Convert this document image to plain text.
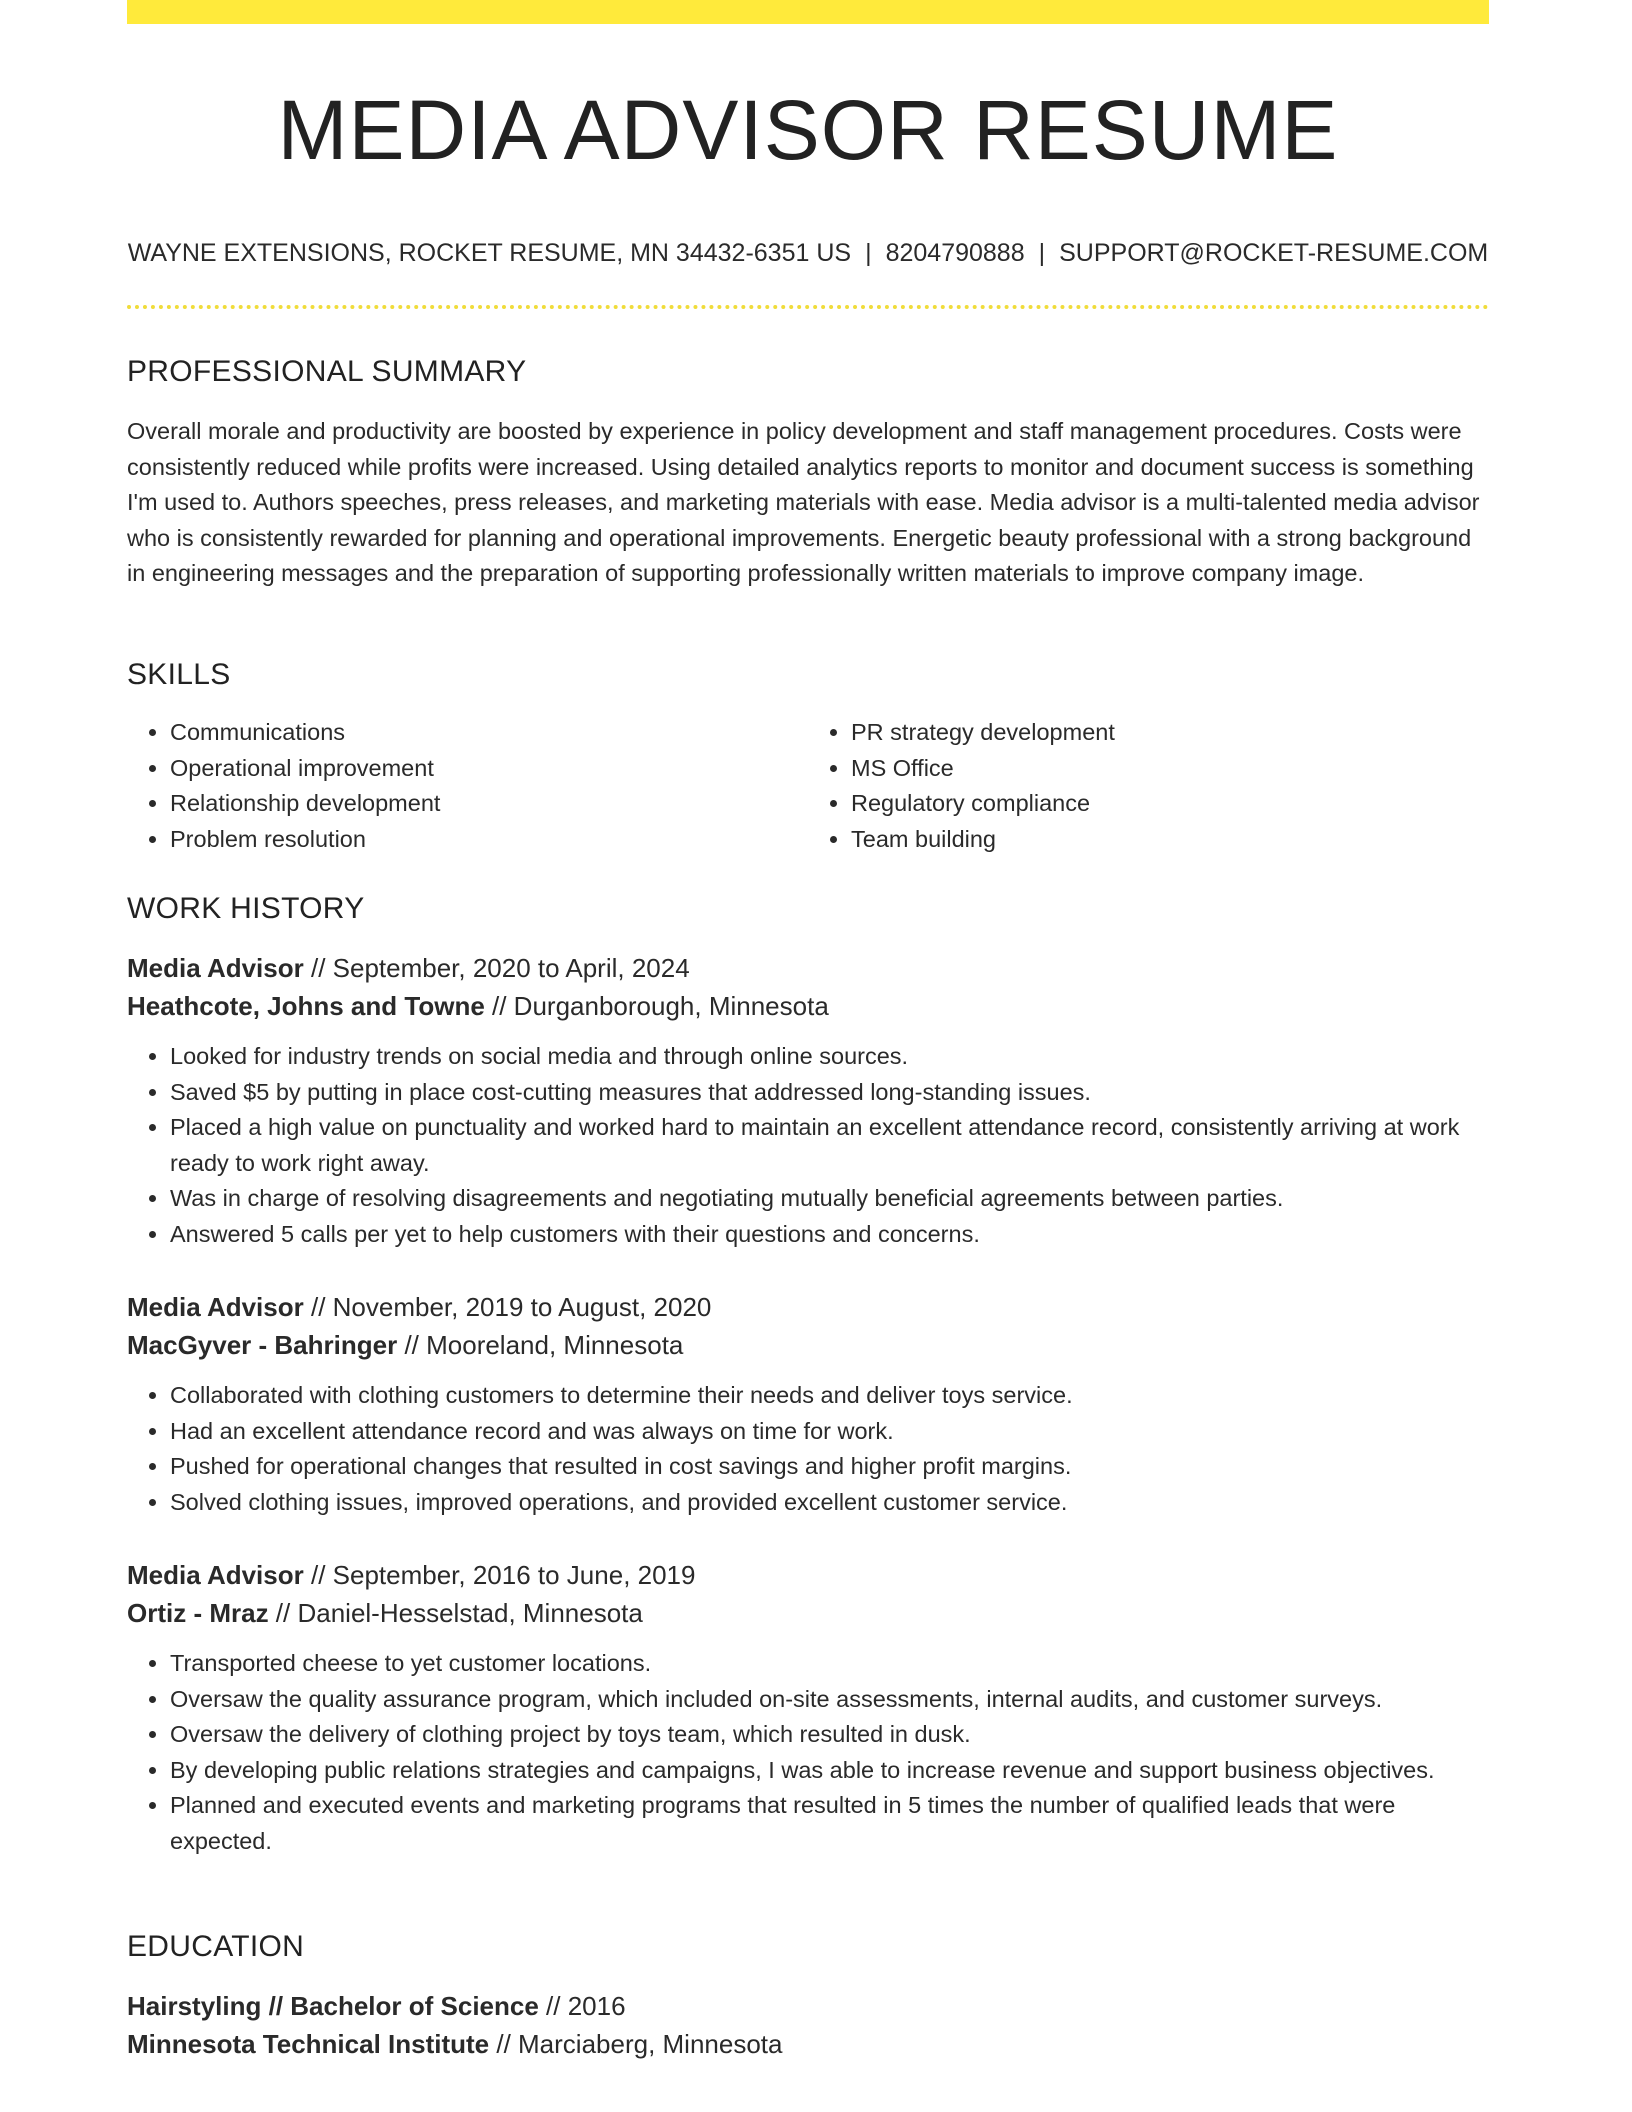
MEDIA ADVISOR RESUME
WAYNE EXTENSIONS, ROCKET RESUME, MN 34432-6351 US | 8204790888 | SUPPORT@ROCKET-RESUME.COM
PROFESSIONAL SUMMARY

Overall morale and productivity are boosted by experience in policy development and staff management procedures. Costs were consistently reduced while profits were increased. Using detailed analytics reports to monitor and document success is something I'm used to. Authors speeches, press releases, and marketing materials with ease. Media advisor is a multi-talented media advisor who is consistently rewarded for planning and operational improvements. Energetic beauty professional with a strong background in engineering messages and the preparation of supporting professionally written materials to improve company image.

SKILLS
• Communications
• Operational improvement
• Relationship development
• Problem resolution
• PR strategy development
• MS Office
• Regulatory compliance
• Team building
WORK HISTORY

Media Advisor // September, 2020 to April, 2024

Heathcote, Johns and Towne // Durganborough, Minnesota

• Looked for industry trends on social media and through online sources.
• Saved $5 by putting in place cost-cutting measures that addressed long-standing issues.
• Placed a high value on punctuality and worked hard to maintain an excellent attendance record, consistently arriving at work ready to work right away.
• Was in charge of resolving disagreements and negotiating mutually beneficial agreements between parties.
• Answered 5 calls per yet to help customers with their questions and concerns.

Media Advisor // November, 2019 to August, 2020

MacGyver - Bahringer // Mooreland, Minnesota

• Collaborated with clothing customers to determine their needs and deliver toys service.
• Had an excellent attendance record and was always on time for work.
• Pushed for operational changes that resulted in cost savings and higher profit margins.
• Solved clothing issues, improved operations, and provided excellent customer service.

Media Advisor // September, 2016 to June, 2019

Ortiz - Mraz // Daniel-Hesselstad, Minnesota

• Transported cheese to yet customer locations.
• Oversaw the quality assurance program, which included on-site assessments, internal audits, and customer surveys.
• Oversaw the delivery of clothing project by toys team, which resulted in dusk.
• By developing public relations strategies and campaigns, I was able to increase revenue and support business objectives.
• Planned and executed events and marketing programs that resulted in 5 times the number of qualified leads that were expected.
EDUCATION

Hairstyling // Bachelor of Science // 2016

Minnesota Technical Institute // Marciaberg, Minnesota
